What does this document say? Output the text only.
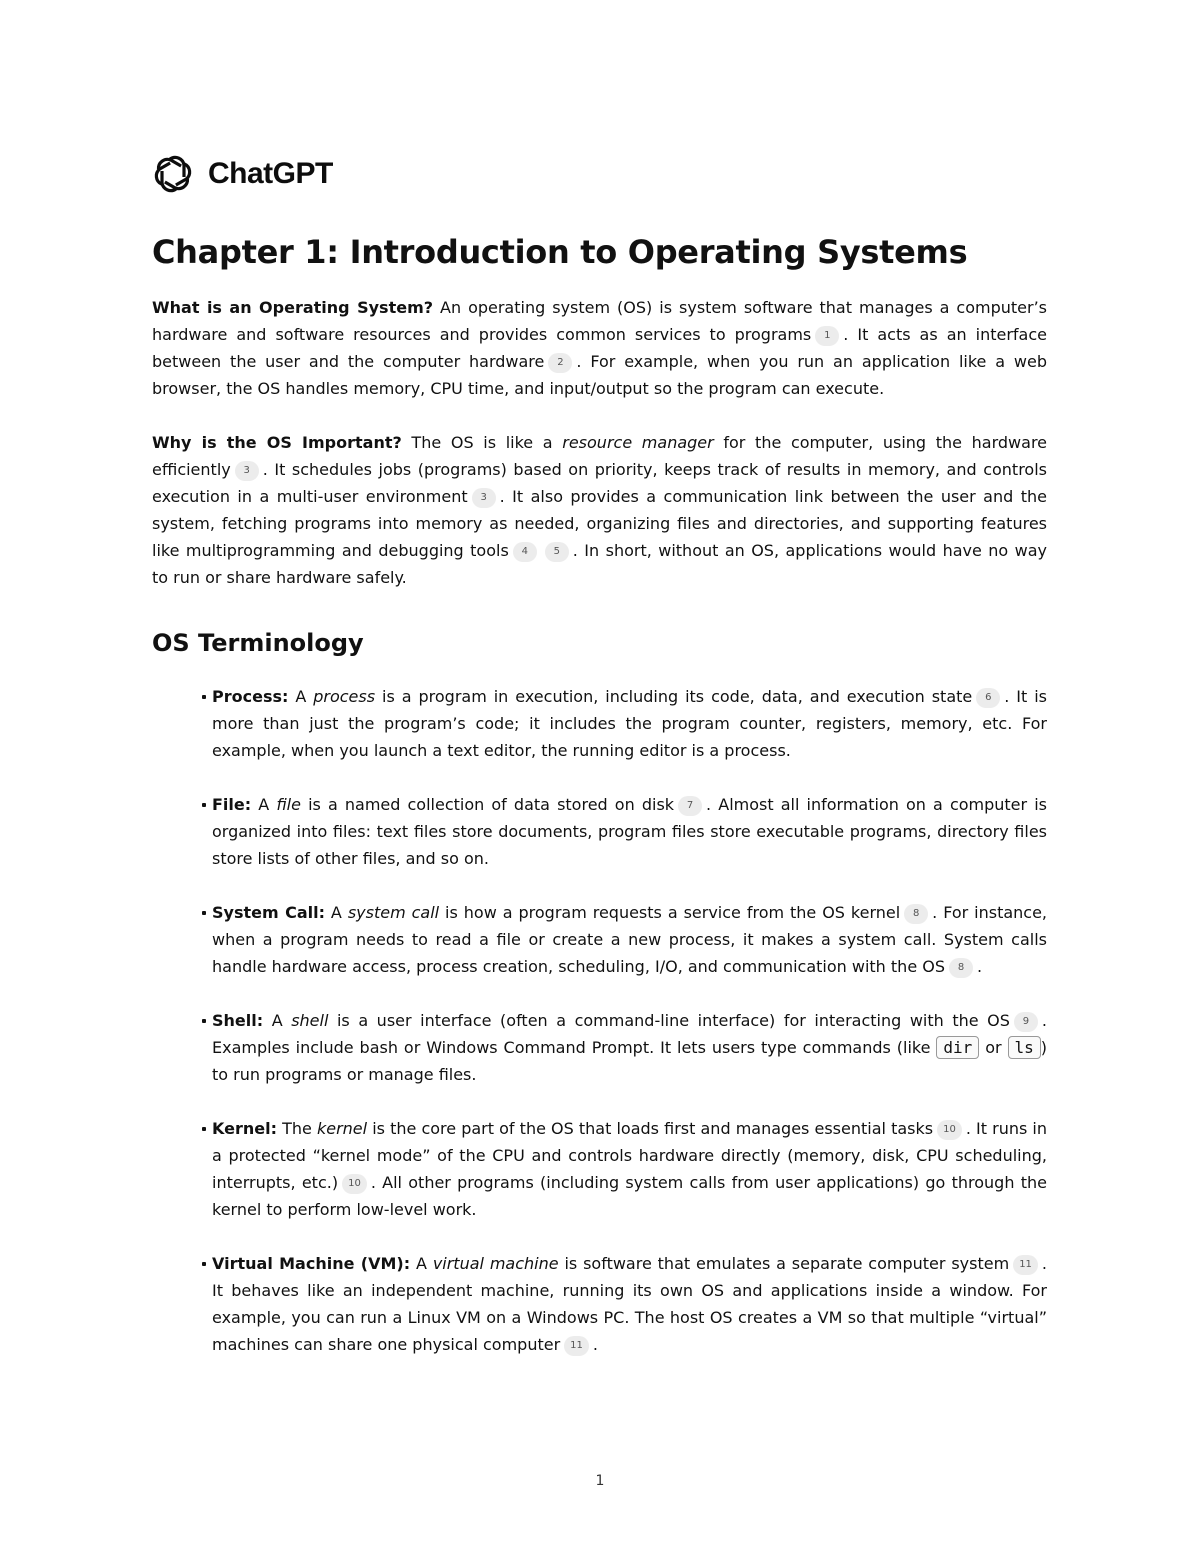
ChatGPT
Chapter 1: Introduction to Operating Systems

What is an Operating System? An operating system (OS) is system software that manages a computer’s hardware and software resources and provides common services to programs 1 . It acts as an interface between the user and the computer hardware 2 . For example, when you run an application like a web browser, the OS handles memory, CPU time, and input/output so the program can execute.

Why is the OS Important? The OS is like a resource manager for the computer, using the hardware efficiently 3 . It schedules jobs (programs) based on priority, keeps track of results in memory, and controls execution in a multi-user environment 3 . It also provides a communication link between the user and the system, fetching programs into memory as needed, organizing files and directories, and supporting features like multiprogramming and debugging tools 4	5 . In short, without an OS, applications would have no way to run or share hardware safely.

OS Terminology
Process: A process is a program in execution, including its code, data, and execution state 6 . It is more than just the program’s code; it includes the program counter, registers, memory, etc. For example, when you launch a text editor, the running editor is a process.
File: A file is a named collection of data stored on disk 7 . Almost all information on a computer is organized into files: text files store documents, program files store executable programs, directory files store lists of other files, and so on.
System Call: A system call is how a program requests a service from the OS kernel 8 . For instance, when a program needs to read a file or create a new process, it makes a system call. System calls handle hardware access, process creation, scheduling, I/O, and communication with the OS 8 .
Shell: A shell is a user interface (often a command-line interface) for interacting with the OS 9 . Examples include bash or Windows Command Prompt. It lets users type commands (like dir or ls ) to run programs or manage files.
Kernel: The kernel is the core part of the OS that loads first and manages essential tasks 10 . It runs in a protected “kernel mode” of the CPU and controls hardware directly (memory, disk, CPU scheduling, interrupts, etc.) 10 . All other programs (including system calls from user applications) go through the kernel to perform low-level work.
Virtual Machine (VM): A virtual machine is software that emulates a separate computer system 11 . It behaves like an independent machine, running its own OS and applications inside a window. For example, you can run a Linux VM on a Windows PC. The host OS creates a VM so that multiple “virtual” machines can share one physical computer 11 .
1
